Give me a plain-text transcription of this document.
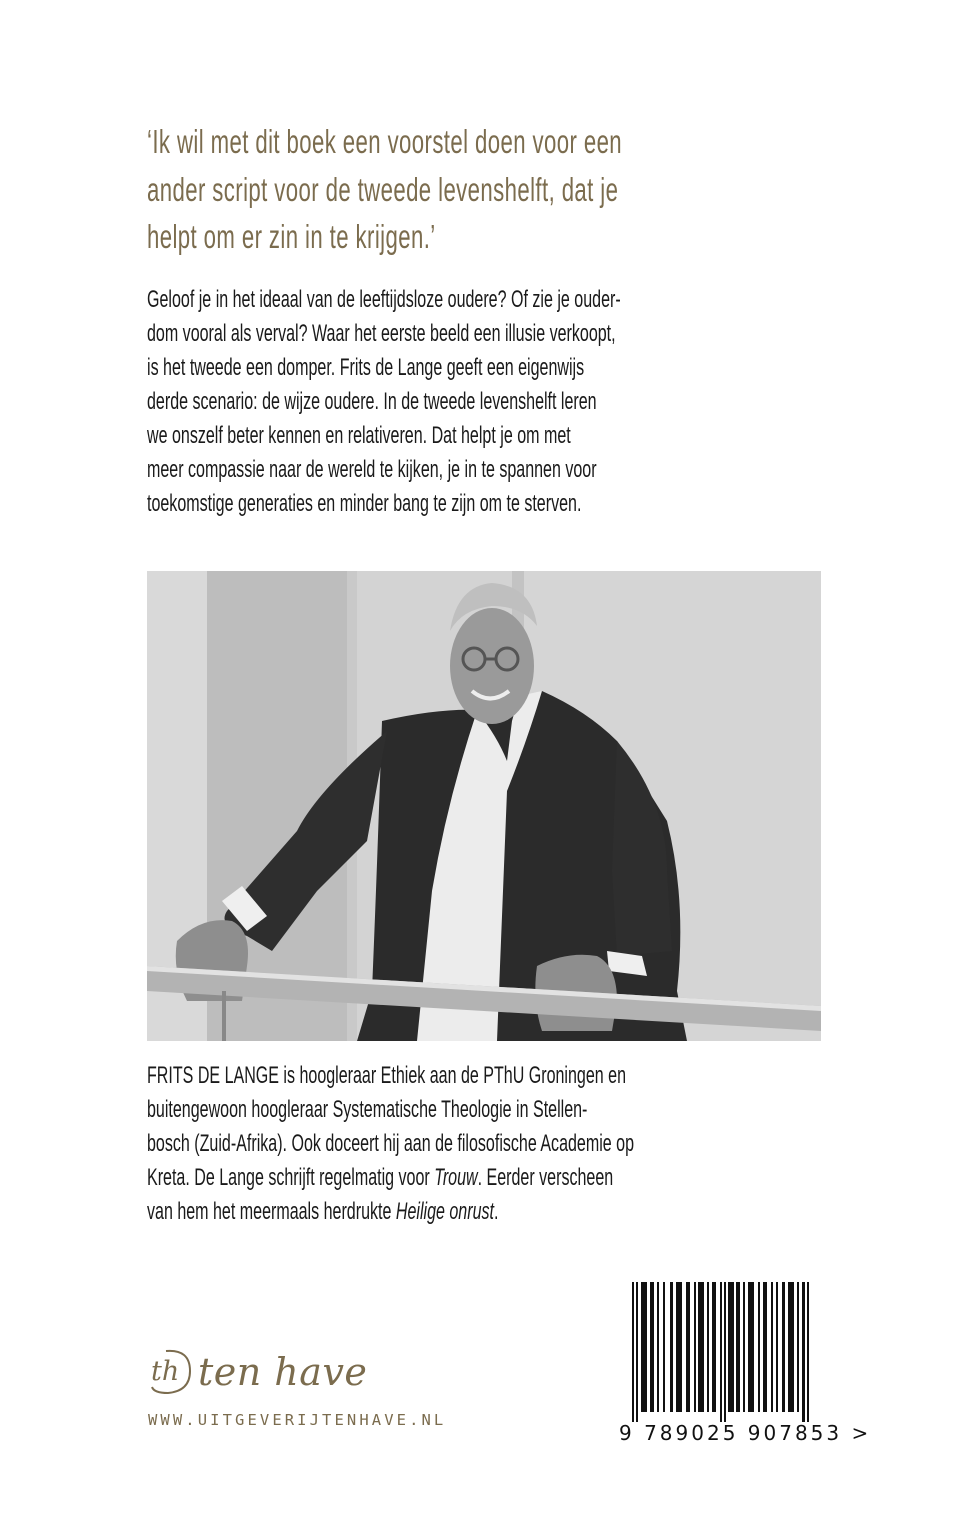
‘Ik wil met dit boek een voorstel doen voor een
ander script voor de tweede levenshelft, dat je
helpt om er zin in te krijgen.’
Geloof je in het ideaal van de leeftijdsloze oudere? Of zie je ouder-
dom vooral als verval? Waar het eerste beeld een illusie verkoopt,
is het tweede een domper. Frits de Lange geeft een eigenwijs
derde scenario: de wijze oudere. In de tweede levenshelft leren
we onszelf beter kennen en relativeren. Dat helpt je om met
meer compassie naar de wereld te kijken, je in te spannen voor
toekomstige generaties en minder bang te zijn om te sterven.
FRITS DE LANGE is hoogleraar Ethiek aan de PThU Groningen en
buitengewoon hoogleraar Systematische Theologie in Stellen-
bosch (Zuid-Afrika). Ook doceert hij aan de filosofische Academie op
Kreta. De Lange schrijft regelmatig voor Trouw. Eerder verscheen
van hem het meermaals herdrukte Heilige onrust.
th ten have
WWW.UITGEVERIJTENHAVE.NL
9 789025 907853 >
